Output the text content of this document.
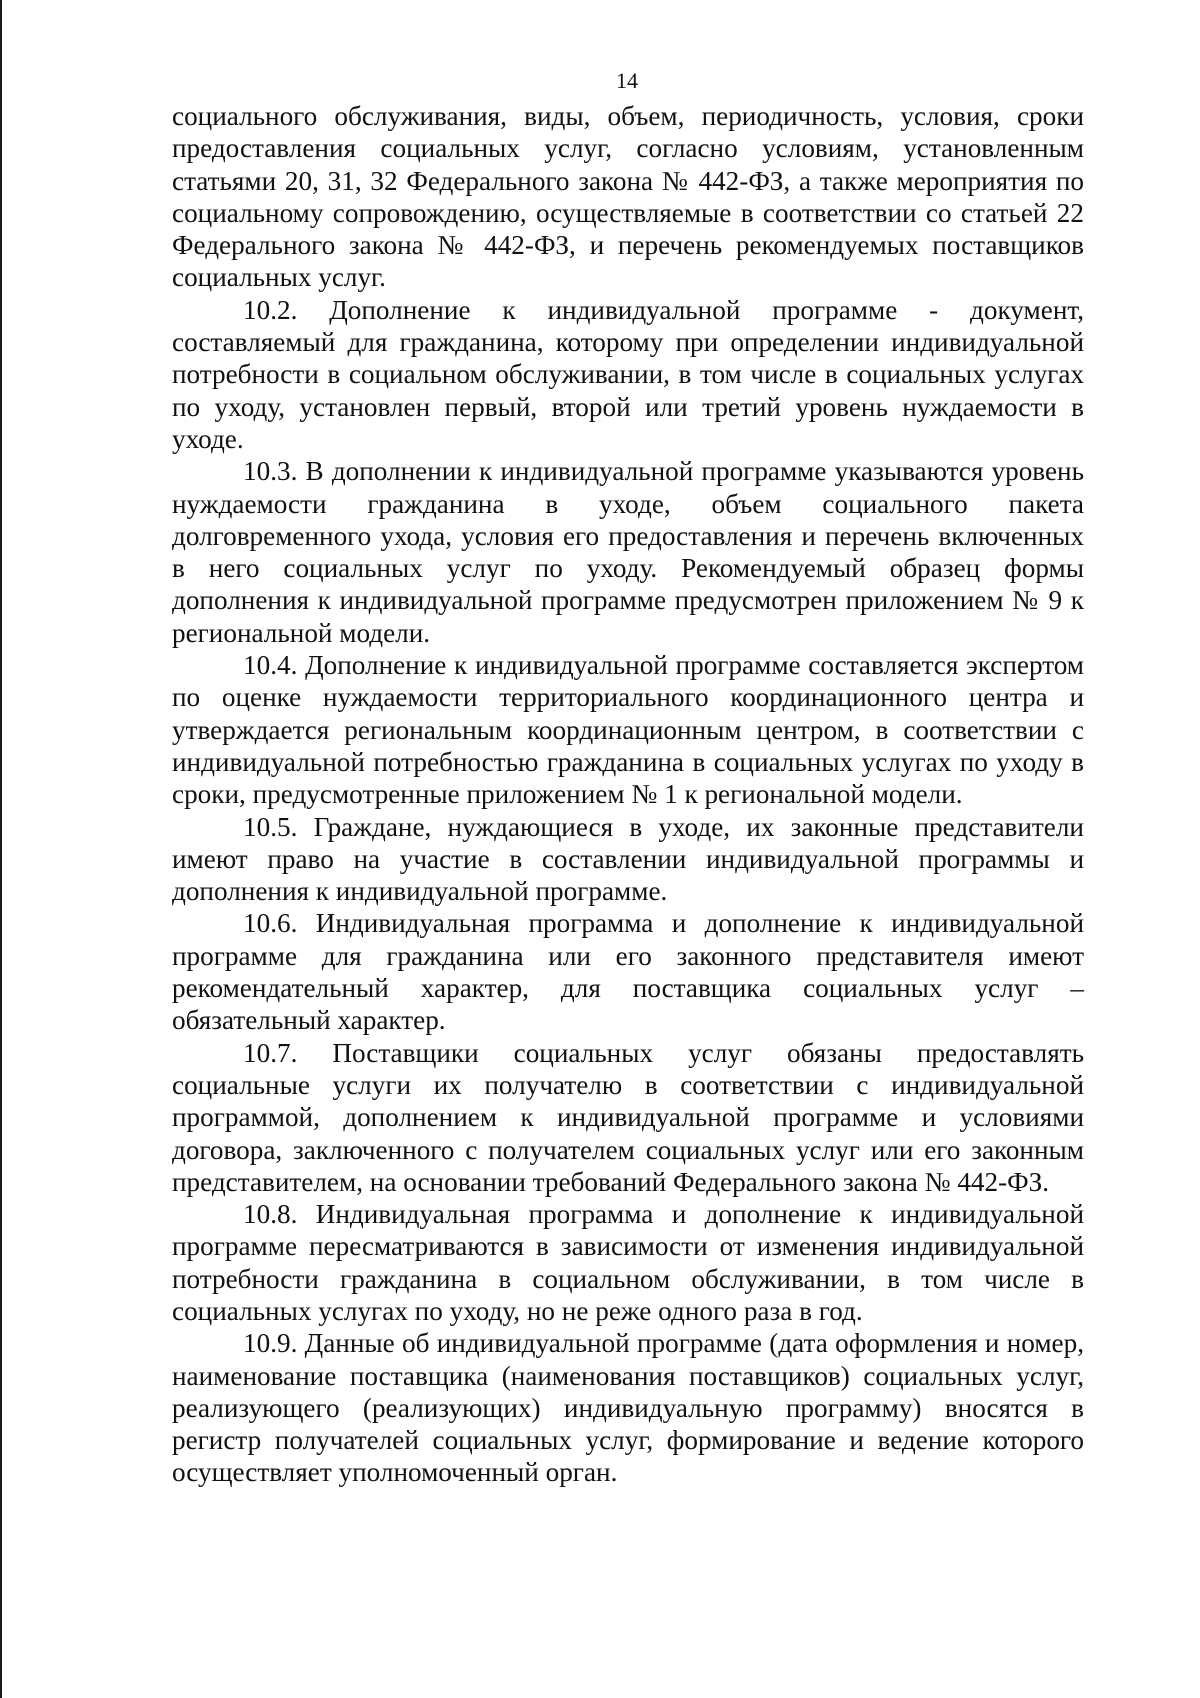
14

социального обслуживания, виды, объем, периодичность, условия, сроки предоставления социальных услуг, согласно условиям, установленным статьями 20, 31, 32 Федерального закона № 442-ФЗ, а также мероприятия по социальному сопровождению, осуществляемые в соответствии со статьей 22 Федерального закона № 442-ФЗ, и перечень рекомендуемых поставщиков социальных услуг.

10.2. Дополнение к индивидуальной программе - документ, составляемый для гражданина, которому при определении индивидуальной потребности в социальном обслуживании, в том числе в социальных услугах по уходу, установлен первый, второй или третий уровень нуждаемости в уходе.

10.3. В дополнении к индивидуальной программе указываются уровень нуждаемости гражданина в уходе, объем социального пакета долговременного ухода, условия его предоставления и перечень включенных в него социальных услуг по уходу. Рекомендуемый образец формы дополнения к индивидуальной программе предусмотрен приложением № 9 к региональной модели.

10.4. Дополнение к индивидуальной программе составляется экспертом по оценке нуждаемости территориального координационного центра и утверждается региональным координационным центром, в соответствии с индивидуальной потребностью гражданина в социальных услугах по уходу в сроки, предусмотренные приложением № 1 к региональной модели.

10.5. Граждане, нуждающиеся в уходе, их законные представители имеют право на участие в составлении индивидуальной программы и дополнения к индивидуальной программе.

10.6. Индивидуальная программа и дополнение к индивидуальной программе для гражданина или его законного представителя имеют рекомендательный характер, для поставщика социальных услуг – обязательный характер.

10.7. Поставщики социальных услуг обязаны предоставлять социальные услуги их получателю в соответствии с индивидуальной программой, дополнением к индивидуальной программе и условиями договора, заключенного с получателем социальных услуг или его законным представителем, на основании требований Федерального закона № 442-ФЗ.

10.8. Индивидуальная программа и дополнение к индивидуальной программе пересматриваются в зависимости от изменения индивидуальной потребности гражданина в социальном обслуживании, в том числе в социальных услугах по уходу, но не реже одного раза в год.

10.9. Данные об индивидуальной программе (дата оформления и номер, наименование поставщика (наименования поставщиков) социальных услуг, реализующего (реализующих) индивидуальную программу) вносятся в регистр получателей социальных услуг, формирование и ведение которого осуществляет уполномоченный орган.
